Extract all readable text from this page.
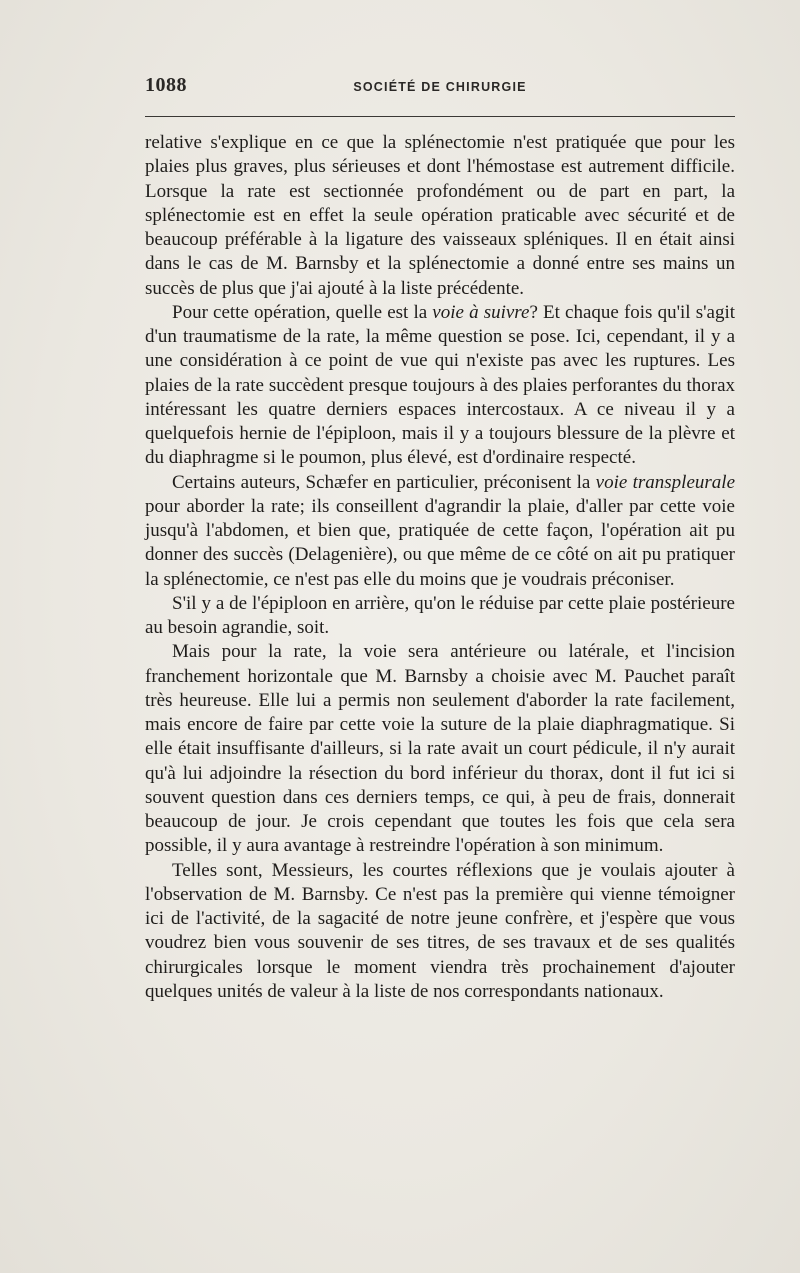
1088	SOCIÉTÉ DE CHIRURGIE

relative s'explique en ce que la splénectomie n'est pratiquée que pour les plaies plus graves, plus sérieuses et dont l'hémostase est autrement difficile. Lorsque la rate est sectionnée profondément ou de part en part, la splénectomie est en effet la seule opération praticable avec sécurité et de beaucoup préférable à la ligature des vaisseaux spléniques. Il en était ainsi dans le cas de M. Barnsby et la splénectomie a donné entre ses mains un succès de plus que j'ai ajouté à la liste précédente.

Pour cette opération, quelle est la voie à suivre? Et chaque fois qu'il s'agit d'un traumatisme de la rate, la même question se pose. Ici, cependant, il y a une considération à ce point de vue qui n'existe pas avec les ruptures. Les plaies de la rate succèdent presque toujours à des plaies perforantes du thorax intéressant les quatre derniers espaces intercostaux. A ce niveau il y a quelquefois hernie de l'épiploon, mais il y a toujours blessure de la plèvre et du diaphragme si le poumon, plus élevé, est d'ordinaire respecté.

Certains auteurs, Schæfer en particulier, préconisent la voie transpleurale pour aborder la rate; ils conseillent d'agrandir la plaie, d'aller par cette voie jusqu'à l'abdomen, et bien que, pratiquée de cette façon, l'opération ait pu donner des succès (Delagenière), ou que même de ce côté on ait pu pratiquer la splénectomie, ce n'est pas elle du moins que je voudrais préconiser.

S'il y a de l'épiploon en arrière, qu'on le réduise par cette plaie postérieure au besoin agrandie, soit.

Mais pour la rate, la voie sera antérieure ou latérale, et l'incision franchement horizontale que M. Barnsby a choisie avec M. Pauchet paraît très heureuse. Elle lui a permis non seulement d'aborder la rate facilement, mais encore de faire par cette voie la suture de la plaie diaphragmatique. Si elle était insuffisante d'ailleurs, si la rate avait un court pédicule, il n'y aurait qu'à lui adjoindre la résection du bord inférieur du thorax, dont il fut ici si souvent question dans ces derniers temps, ce qui, à peu de frais, donnerait beaucoup de jour. Je crois cependant que toutes les fois que cela sera possible, il y aura avantage à restreindre l'opération à son minimum.

Telles sont, Messieurs, les courtes réflexions que je voulais ajouter à l'observation de M. Barnsby. Ce n'est pas la première qui vienne témoigner ici de l'activité, de la sagacité de notre jeune confrère, et j'espère que vous voudrez bien vous souvenir de ses titres, de ses travaux et de ses qualités chirurgicales lorsque le moment viendra très prochainement d'ajouter quelques unités de valeur à la liste de nos correspondants nationaux.
